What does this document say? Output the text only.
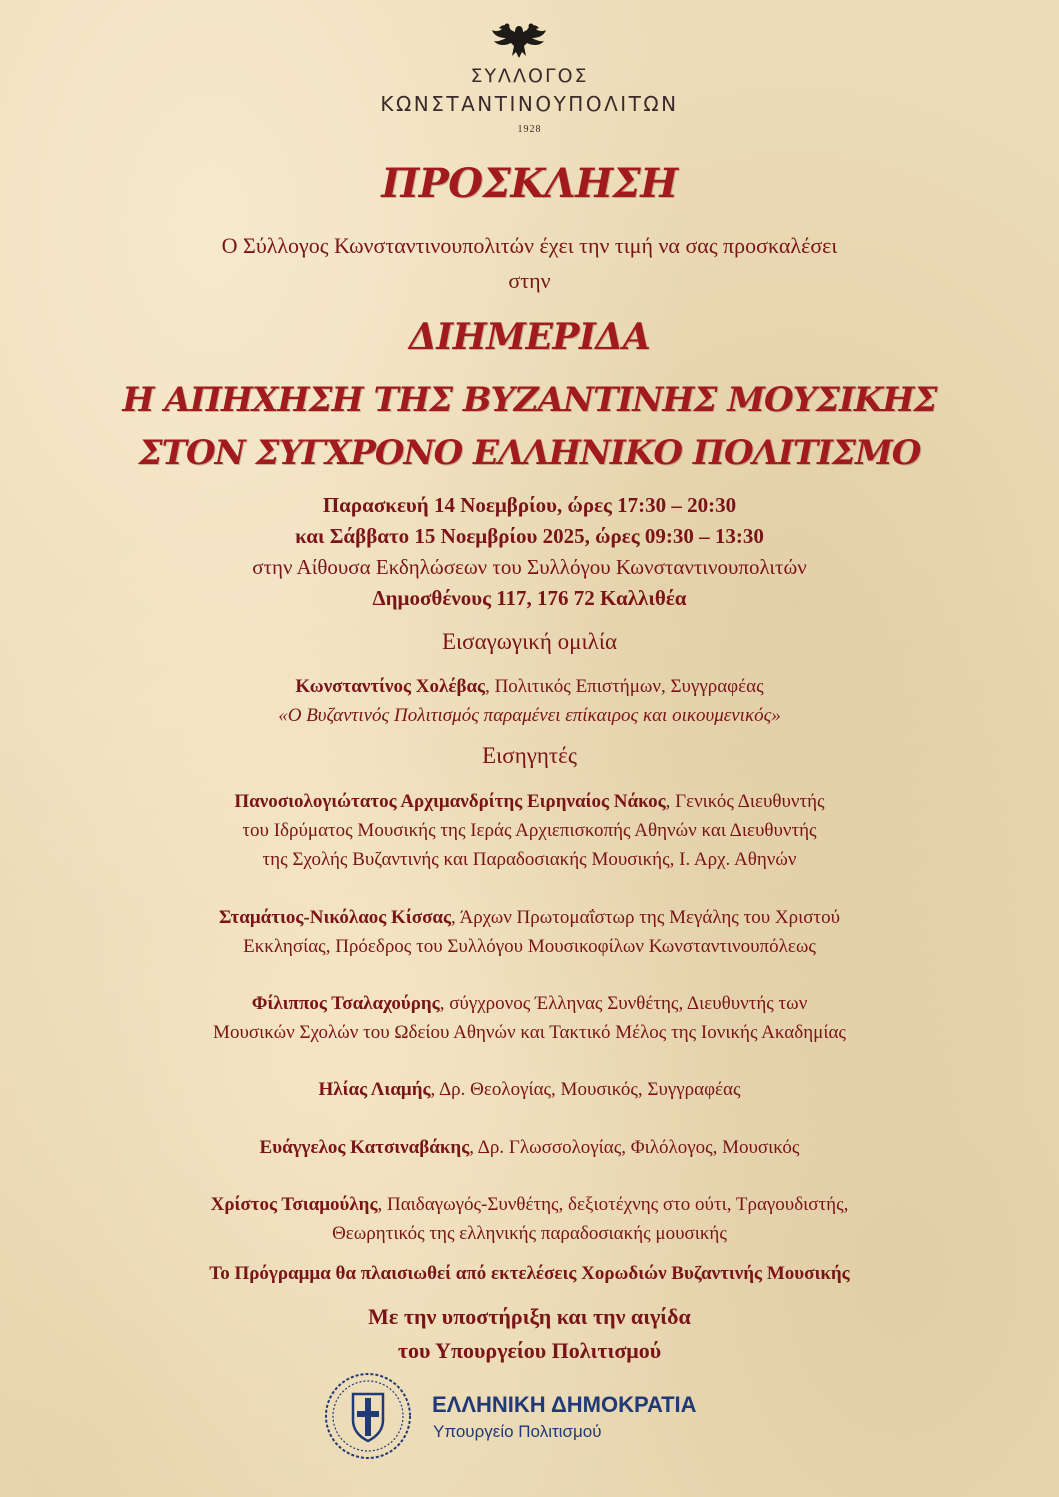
ΣΥΛΛΟΓΟΣ
ΚΩΝΣΤΑΝΤΙΝΟΥΠΟΛΙΤΩΝ
1928
ΠΡΟΣΚΛΗΣΗ
Ο Σύλλογος Κωνσταντινουπολιτών έχει την τιμή να σας προσκαλέσει
στην
ΔΙΗΜΕΡΙΔΑ
Η ΑΠΗΧΗΣΗ ΤΗΣ ΒΥΖΑΝΤΙΝΗΣ ΜΟΥΣΙΚΗΣ
ΣΤΟΝ ΣΥΓΧΡΟΝΟ ΕΛΛΗΝΙΚΟ ΠΟΛΙΤΙΣΜΟ
Παρασκευή 14 Νοεμβρίου, ώρες 17:30 – 20:30
και Σάββατο 15 Νοεμβρίου 2025, ώρες 09:30 – 13:30
στην Αίθουσα Εκδηλώσεων του Συλλόγου Κωνσταντινουπολιτών
Δημοσθένους 117, 176 72 Καλλιθέα
Εισαγωγική ομιλία
Κωνσταντίνος Χολέβας, Πολιτικός Επιστήμων, Συγγραφέας
«Ο Βυζαντινός Πολιτισμός παραμένει επίκαιρος και οικουμενικός»
Εισηγητές
Πανοσιολογιώτατος Αρχιμανδρίτης Ειρηναίος Νάκος, Γενικός Διευθυντής
του Ιδρύματος Μουσικής της Ιεράς Αρχιεπισκοπής Αθηνών και Διευθυντής
της Σχολής Βυζαντινής και Παραδοσιακής Μουσικής, Ι. Αρχ. Αθηνών
Σταμάτιος-Νικόλαος Κίσσας, Άρχων Πρωτομαΐστωρ της Μεγάλης του Χριστού
Εκκλησίας, Πρόεδρος του Συλλόγου Μουσικοφίλων Κωνσταντινουπόλεως
Φίλιππος Τσαλαχούρης, σύγχρονος Έλληνας Συνθέτης, Διευθυντής των
Μουσικών Σχολών του Ωδείου Αθηνών και Τακτικό Μέλος της Ιονικής Ακαδημίας
Ηλίας Λιαμής, Δρ. Θεολογίας, Μουσικός, Συγγραφέας
Ευάγγελος Κατσιναβάκης, Δρ. Γλωσσολογίας, Φιλόλογος, Μουσικός
Χρίστος Τσιαμούλης, Παιδαγωγός-Συνθέτης, δεξιοτέχνης στο ούτι, Τραγουδιστής,
Θεωρητικός της ελληνικής παραδοσιακής μουσικής
Το Πρόγραμμα θα πλαισιωθεί από εκτελέσεις Χορωδιών Βυζαντινής Μουσικής
Με την υποστήριξη και την αιγίδα
του Υπουργείου Πολιτισμού
ΕΛΛΗΝΙΚΗ ΔΗΜΟΚΡΑΤΙΑ
Υπουργείο Πολιτισμού
